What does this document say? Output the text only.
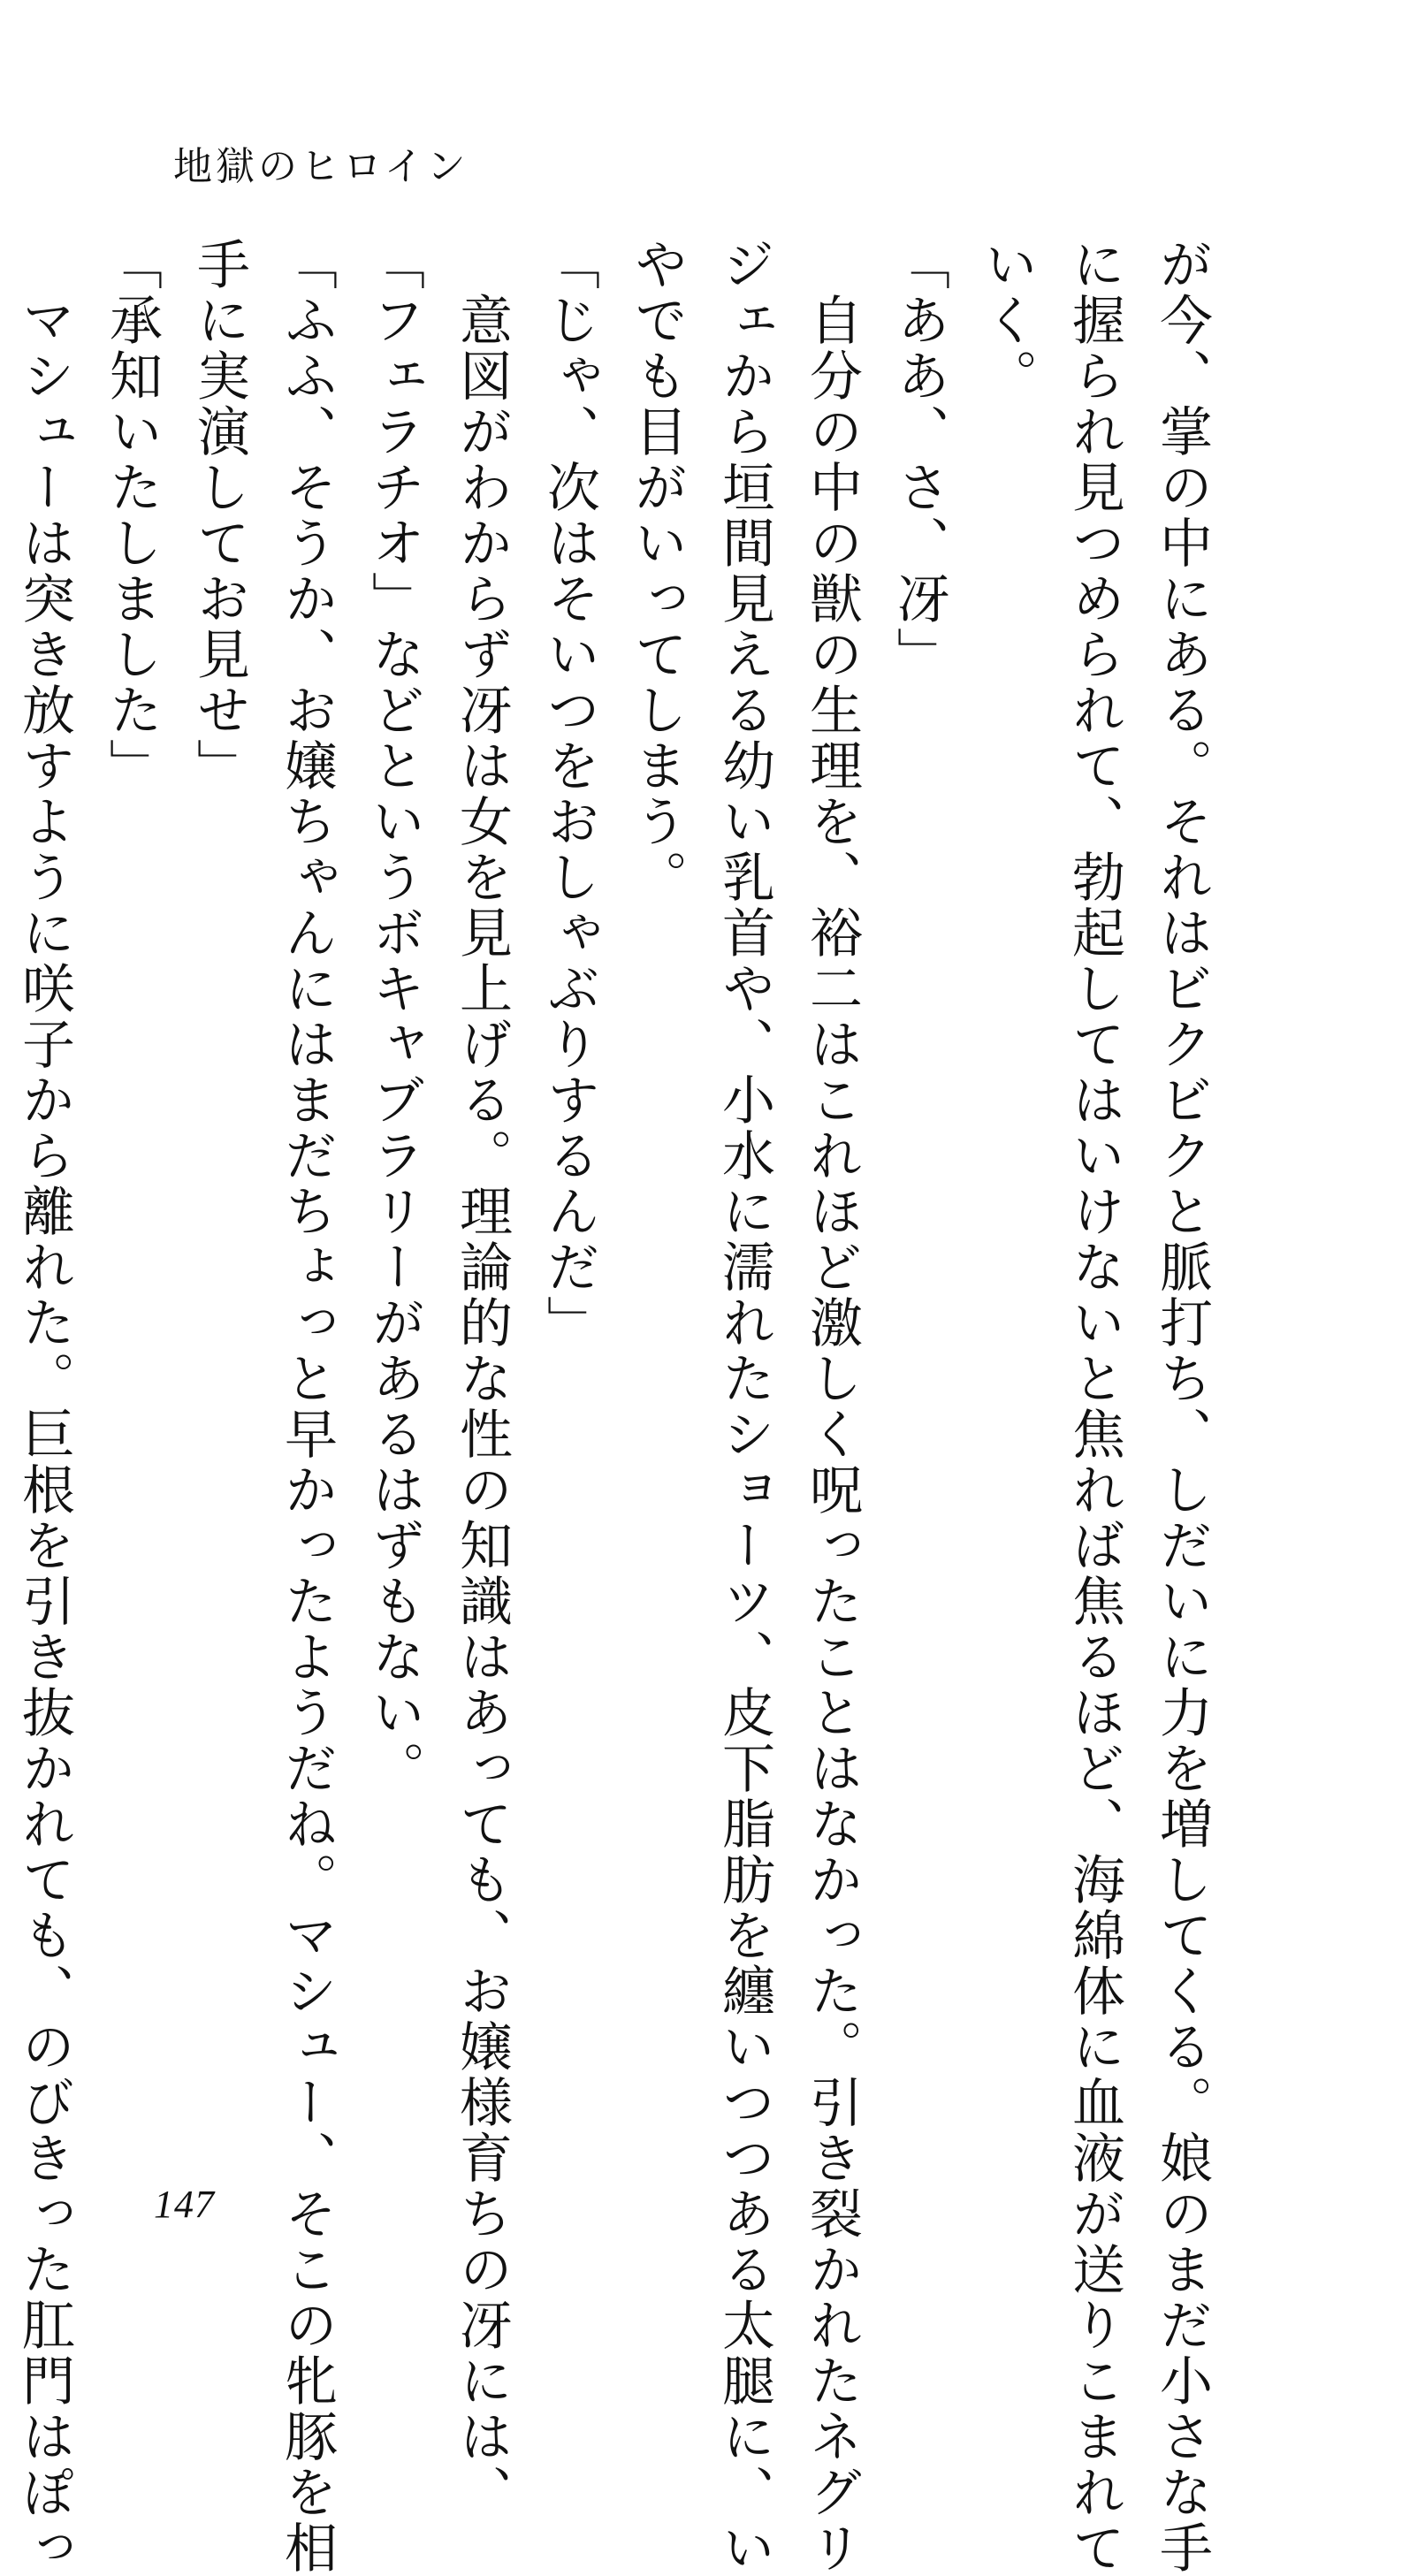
地獄のヒロイン

が今、掌の中にある。それはビクビクと脈打ち、しだいに力を増してくる。娘のまだ小さな手

に握られ見つめられて、勃起してはいけないと焦れば焦るほど、海綿体に血液が送りこまれて

いく。

「ああ、さ、冴」

　自分の中の獣の生理を、裕二はこれほど激しく呪ったことはなかった。引き裂かれたネグリ

ジェから垣間見える幼い乳首や、小水に濡れたショーツ、皮下脂肪を纏いつつある太腿に、い

やでも目がいってしまう。

「じゃ、次はそいつをおしゃぶりするんだ」

　意図がわからず冴は女を見上げる。理論的な性の知識はあっても、お嬢様育ちの冴には、

「フェラチオ」などというボキャブラリーがあるはずもない。

「ふふ、そうか、お嬢ちゃんにはまだちょっと早かったようだね。マシュー、そこの牝豚を相

手に実演してお見せ」

「承知いたしました」

　マシューは突き放すように咲子から離れた。巨根を引き抜かれても、のびきった肛門はぽっ	147
